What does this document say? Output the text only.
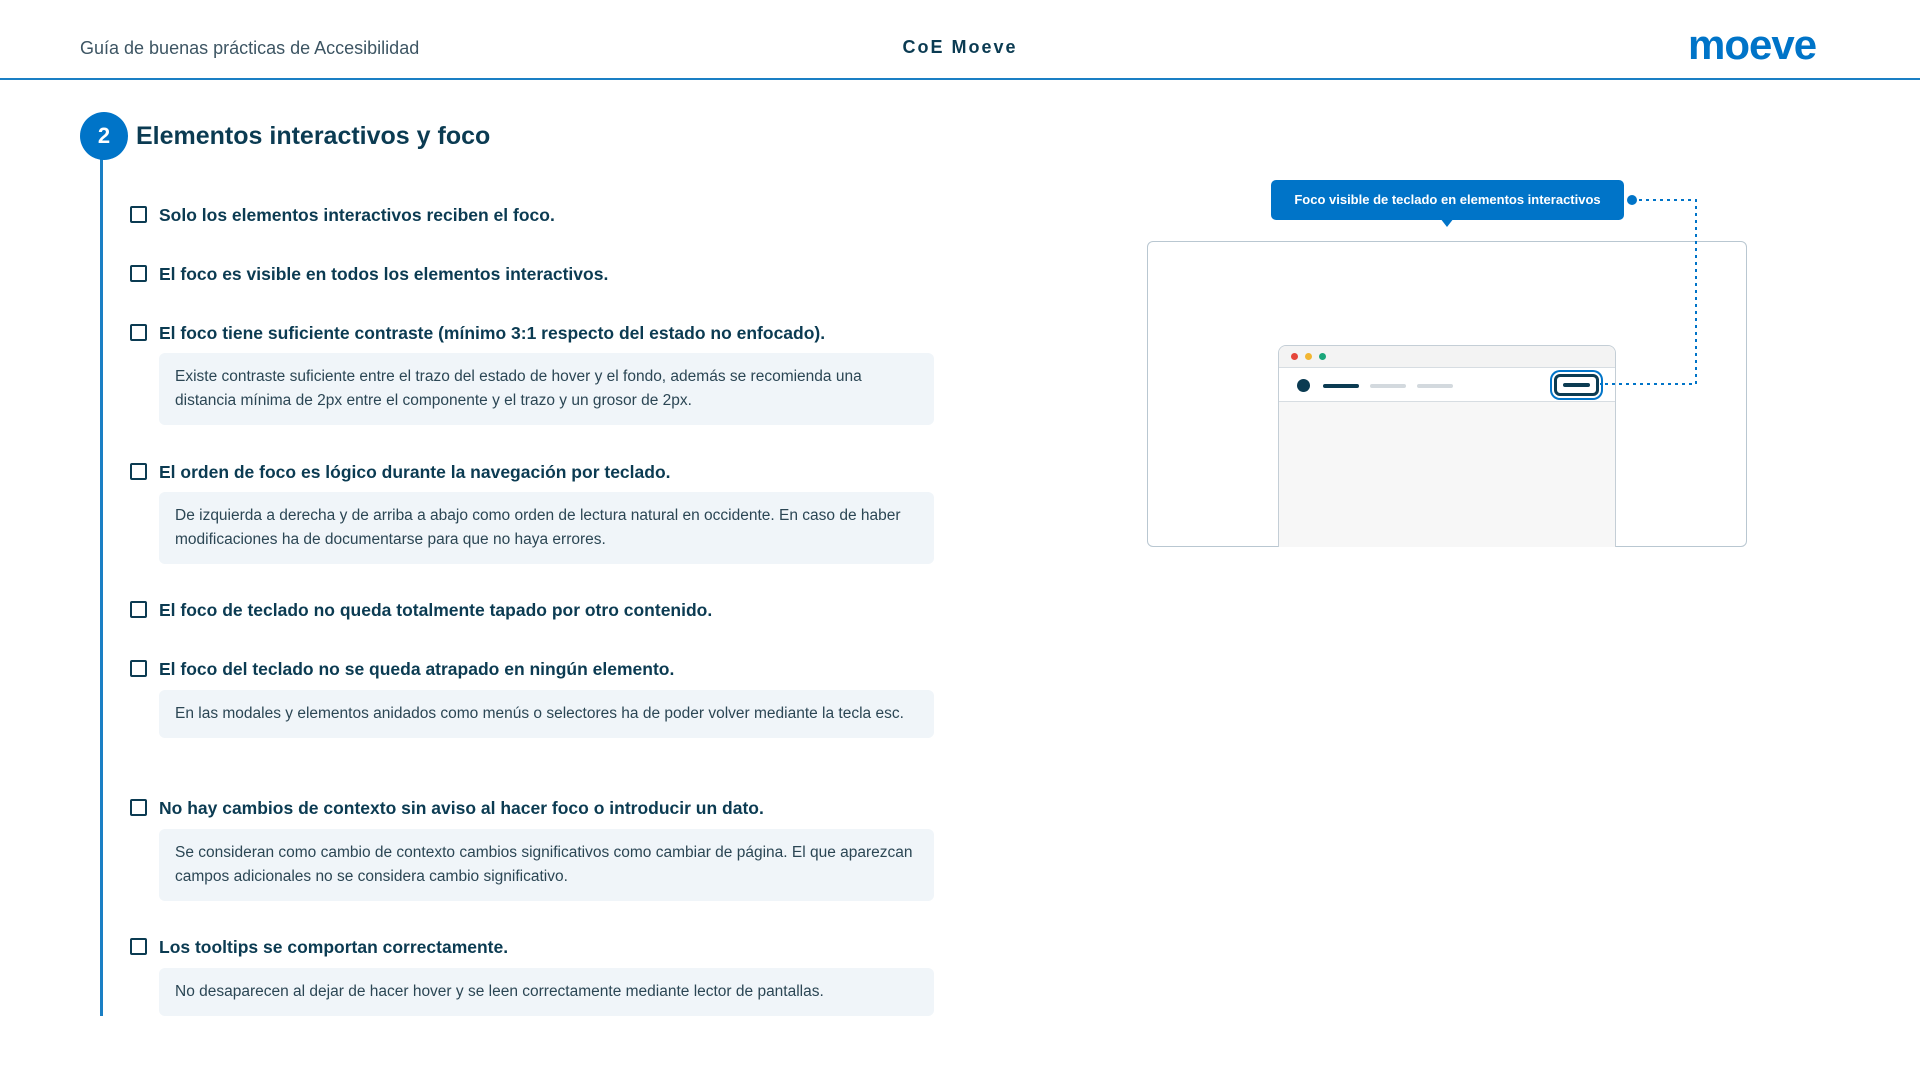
Guía de buenas prácticas de Accesibilidad	CoE Moeve	moeve
2	Elementos interactivos y foco
Solo los elementos interactivos reciben el foco.
El foco es visible en todos los elementos interactivos.
El foco tiene suficiente contraste (mínimo 3:1 respecto del estado no enfocado).
Existe contraste suficiente entre el trazo del estado de hover y el fondo, además se recomienda una distancia mínima de 2px entre el componente y el trazo y un grosor de 2px.
El orden de foco es lógico durante la navegación por teclado.
De izquierda a derecha y de arriba a abajo como orden de lectura natural en occidente. En caso de haber modificaciones ha de documentarse para que no haya errores.
El foco de teclado no queda totalmente tapado por otro contenido.
El foco del teclado no se queda atrapado en ningún elemento.
En las modales y elementos anidados como menús o selectores ha de poder volver mediante la tecla esc.
No hay cambios de contexto sin aviso al hacer foco o introducir un dato.
Se consideran como cambio de contexto cambios significativos como cambiar de página. El que aparezcan campos adicionales no se considera cambio significativo.
Los tooltips se comportan correctamente.
No desaparecen al dejar de hacer hover y se leen correctamente mediante lector de pantallas.
Foco visible de teclado en elementos interactivos
